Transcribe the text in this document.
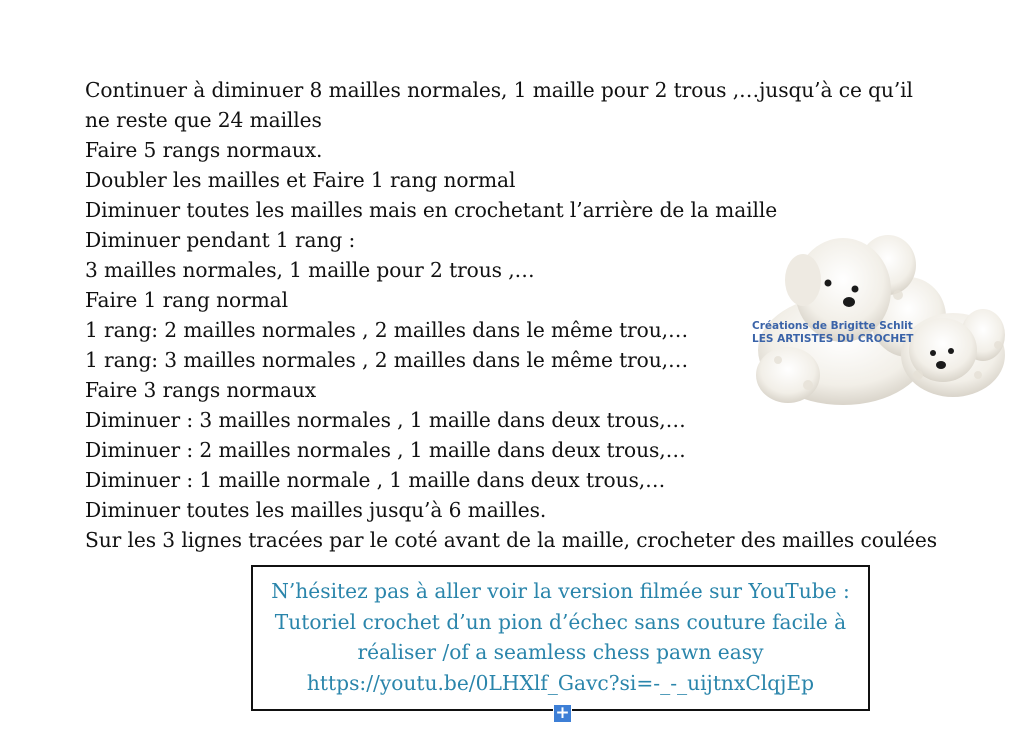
Continuer à diminuer 8 mailles normales, 1 maille pour 2 trous ,…jusqu’à ce qu’il
ne reste que 24 mailles
Faire 5 rangs normaux.
Doubler les mailles et Faire 1 rang normal
Diminuer toutes les mailles mais en crochetant l’arrière de la maille
Diminuer pendant 1 rang :
3 mailles normales, 1 maille pour 2 trous ,…
Faire 1 rang normal
1 rang: 2 mailles normales , 2 mailles dans le même trou,…
1 rang: 3 mailles normales , 2 mailles dans le même trou,…
Faire 3 rangs normaux
Diminuer : 3 mailles normales , 1 maille dans deux trous,…
Diminuer : 2 mailles normales , 1 maille dans deux trous,…
Diminuer : 1 maille normale , 1 maille dans deux trous,…
Diminuer toutes les mailles jusqu’à 6 mailles.
Sur les 3 lignes tracées par le coté avant de la maille, crocheter des mailles coulées
Créations de Brigitte Schlit
LES ARTISTES DU CROCHET
N’hésitez pas à aller voir la version filmée sur YouTube :
Tutoriel crochet d’un pion d’échec sans couture facile à
réaliser /of a seamless chess pawn easy
https://youtu.be/0LHXlf_Gavc?si=-_-_uijtnxClqjEp
+
